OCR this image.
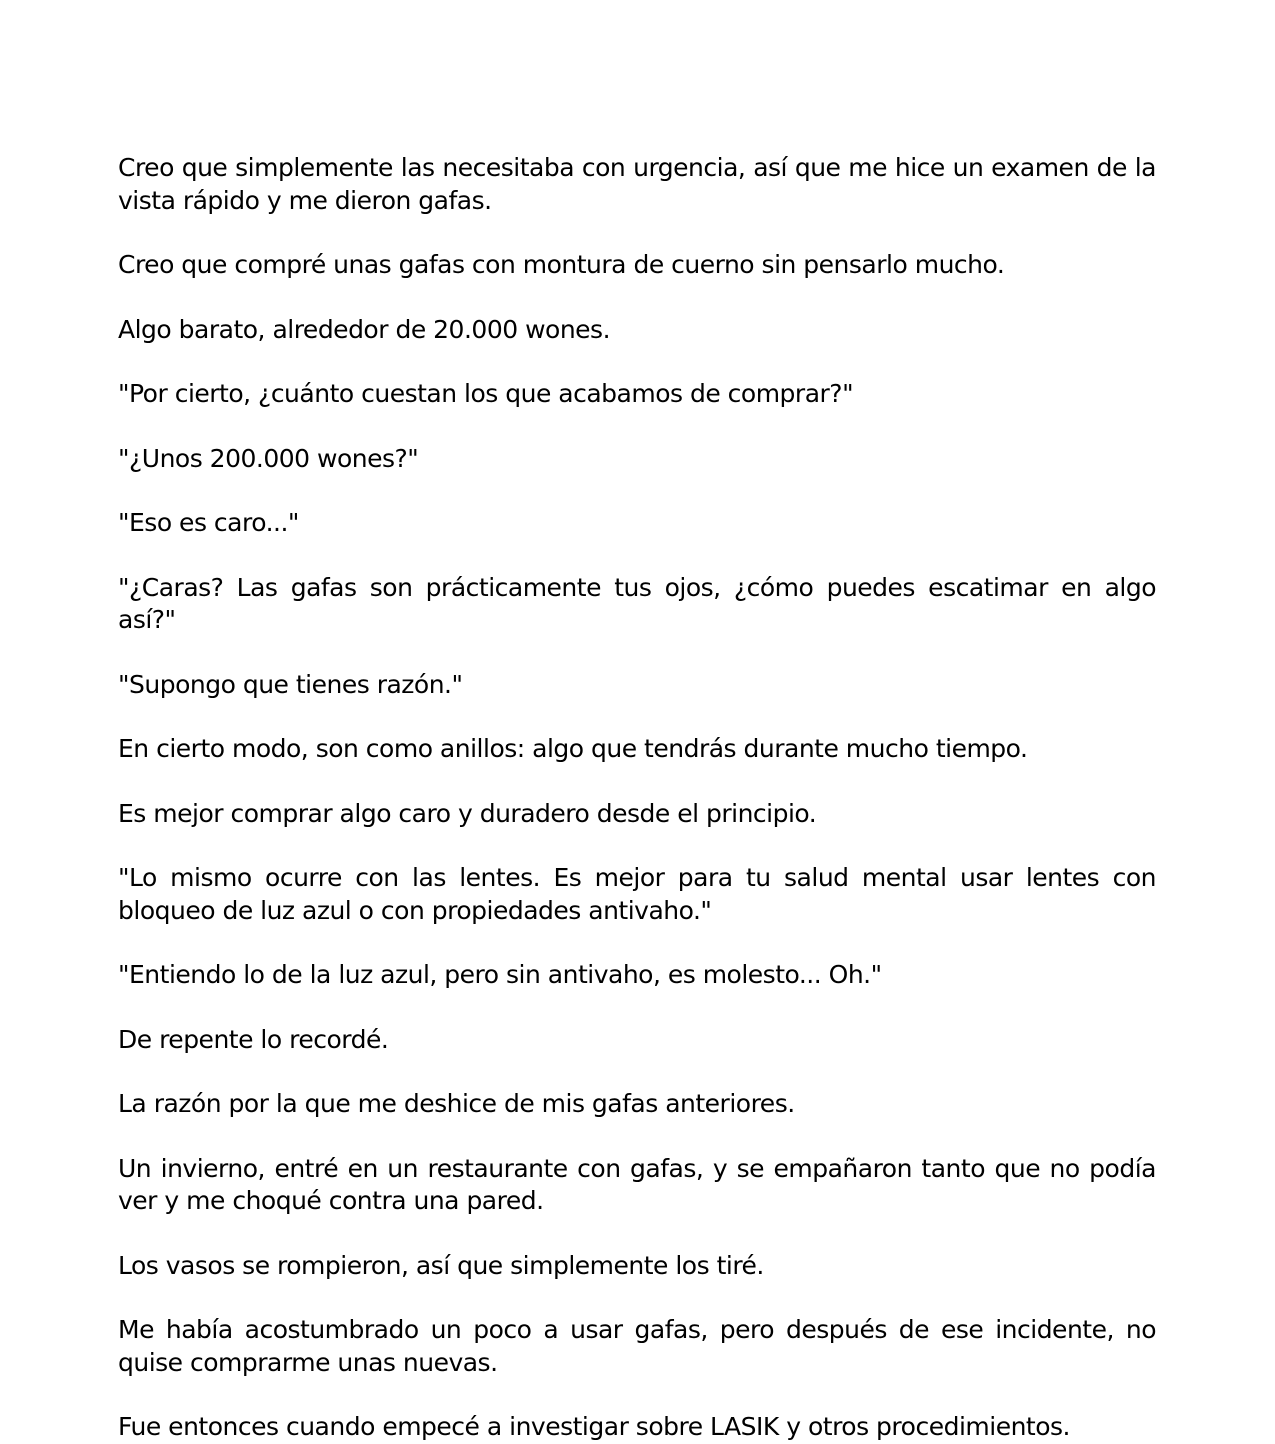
Creo que simplemente las necesitaba con urgencia, así que me hice un examen de la vista rápido y me dieron gafas.

Creo que compré unas gafas con montura de cuerno sin pensarlo mucho.

Algo barato, alrededor de 20.000 wones.

"Por cierto, ¿cuánto cuestan los que acabamos de comprar?"

"¿Unos 200.000 wones?"

"Eso es caro..."

"¿Caras? Las gafas son prácticamente tus ojos, ¿cómo puedes escatimar en algo así?"

"Supongo que tienes razón."

En cierto modo, son como anillos: algo que tendrás durante mucho tiempo.

Es mejor comprar algo caro y duradero desde el principio.

"Lo mismo ocurre con las lentes. Es mejor para tu salud mental usar lentes con bloqueo de luz azul o con propiedades antivaho."

"Entiendo lo de la luz azul, pero sin antivaho, es molesto... Oh."

De repente lo recordé.

La razón por la que me deshice de mis gafas anteriores.

Un invierno, entré en un restaurante con gafas, y se empañaron tanto que no podía ver y me choqué contra una pared.

Los vasos se rompieron, así que simplemente los tiré.

Me había acostumbrado un poco a usar gafas, pero después de ese incidente, no quise comprarme unas nuevas.

Fue entonces cuando empecé a investigar sobre LASIK y otros procedimientos.
